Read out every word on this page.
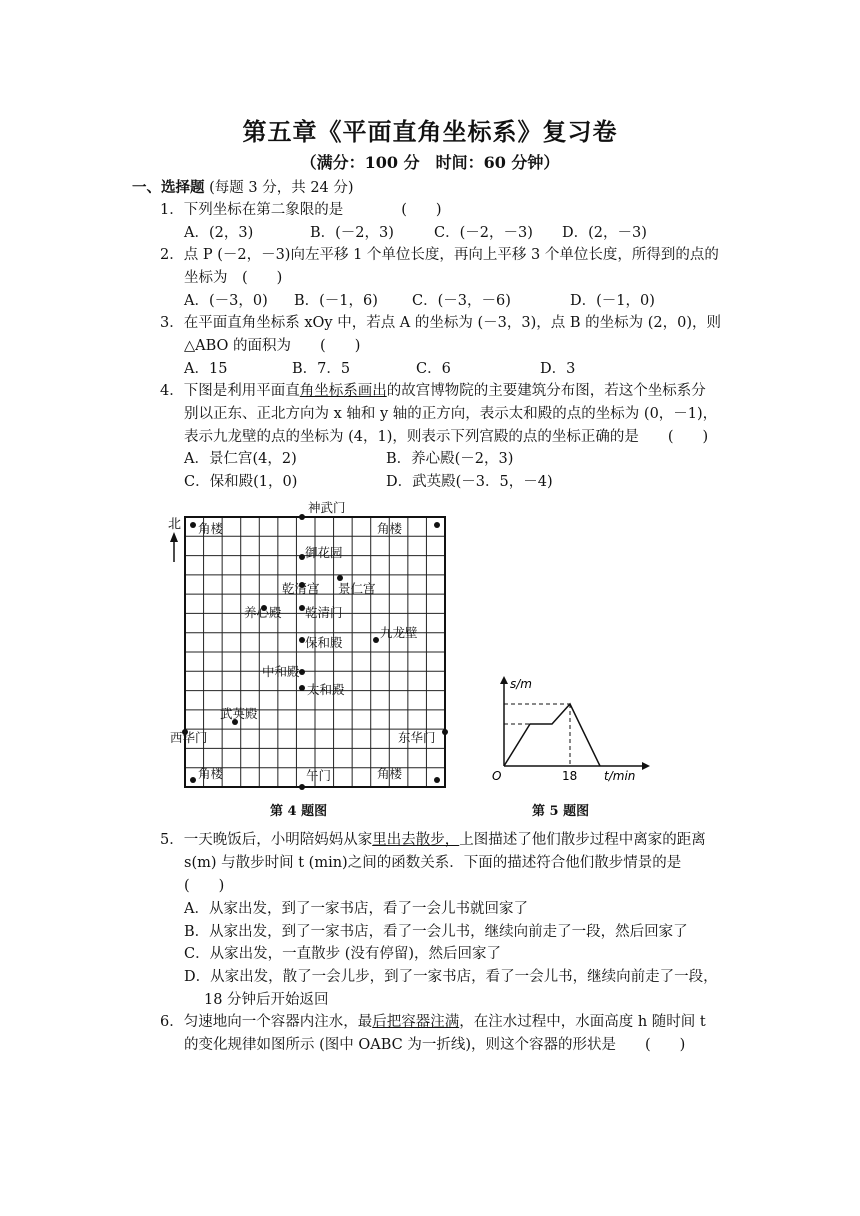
第五章《平面直角坐标系》复习卷
（满分：100 分　时间：60 分钟）
一、选择题 (每题 3 分，共 24 分)
1．下列坐标在第二象限的是　　　　(　　)
A．(2，3)	B．(－2，3)	C．(－2，－3) D．(2，－3)
2．点 P (－2，－3)向左平移 1 个单位长度，再向上平移 3 个单位长度，所得到的点的
坐标为　(　　)
A．(－3，0) B．(－1，6) C．(－3，－6)	D．(－1，0)
3．在平面直角坐标系 xOy 中，若点 A 的坐标为 (－3，3)，点 B 的坐标为 (2，0)，则
△ABO 的面积为　　(　　)
A．15	B．7．5	C．6	D．3
4．下图是利用平面直角坐标系画出的故宫博物院的主要建筑分布图，若这个坐标系分
别以正东、正北方向为 x 轴和 y 轴的正方向，表示太和殿的点的坐标为 (0，－1)，
表示九龙壁的点的坐标为 (4，1)，则表示下列宫殿的点的坐标正确的是　　(　　)
A．景仁宫(4，2)	B．养心殿(－2，3)
C．保和殿(1，0)	D．武英殿(－3．5，－4)
北
神武门
角楼	角楼
御花园
乾清宫 景仁宫
养心殿 乾清门
保和殿
九龙壁
中和殿
太和殿
武英殿
西华门	东华门
角楼	午门	角楼
第 4 题图
s/m
O	18 t/min
第 5 题图
5．一天晚饭后，小明陪妈妈从家里出去散步，上图描述了他们散步过程中离家的距离
s(m) 与散步时间 t (min)之间的函数关系．下面的描述符合他们散步情景的是
(　　)
A．从家出发，到了一家书店，看了一会儿书就回家了
B．从家出发，到了一家书店，看了一会儿书，继续向前走了一段，然后回家了
C．从家出发，一直散步 (没有停留)，然后回家了
D．从家出发，散了一会儿步，到了一家书店，看了一会儿书，继续向前走了一段，
18 分钟后开始返回
6．匀速地向一个容器内注水，最后把容器注满，在注水过程中，水面高度 h 随时间 t
的变化规律如图所示 (图中 OABC 为一折线)，则这个容器的形状是　　(　　)
